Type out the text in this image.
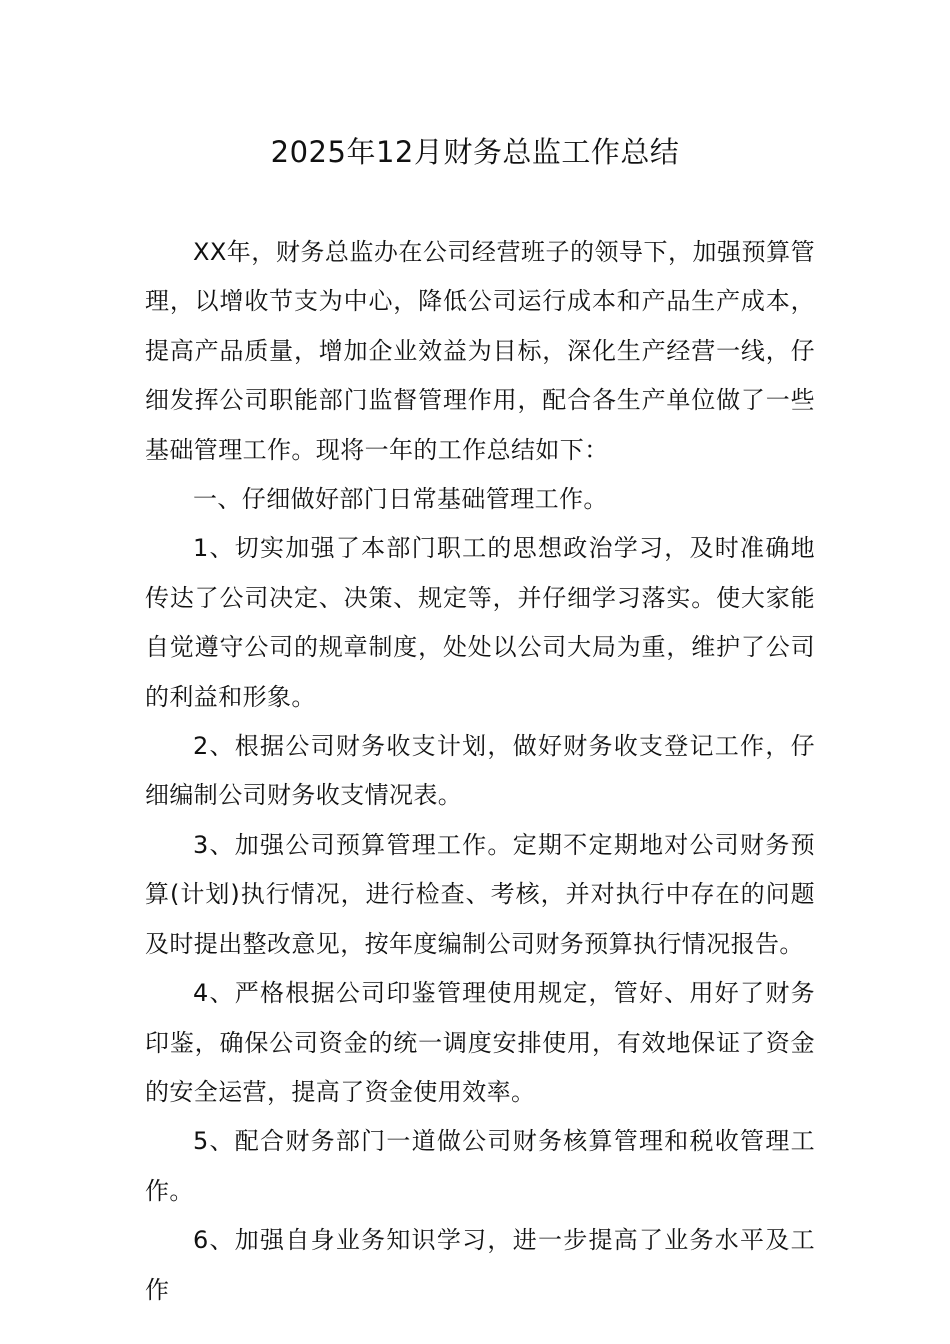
2025年12月财务总监工作总结

XX年，财务总监办在公司经营班子的领导下，加强预算管理，以增收节支为中心，降低公司运行成本和产品生产成本，提高产品质量，增加企业效益为目标，深化生产经营一线，仔细发挥公司职能部门监督管理作用，配合各生产单位做了一些基础管理工作。现将一年的工作总结如下：

一、仔细做好部门日常基础管理工作。

1、切实加强了本部门职工的思想政治学习，及时准确地传达了公司决定、决策、规定等，并仔细学习落实。使大家能自觉遵守公司的规章制度，处处以公司大局为重，维护了公司的利益和形象。

2、根据公司财务收支计划，做好财务收支登记工作，仔细编制公司财务收支情况表。

3、加强公司预算管理工作。定期不定期地对公司财务预算(计划)执行情况，进行检查、考核，并对执行中存在的问题及时提出整改意见，按年度编制公司财务预算执行情况报告。

4、严格根据公司印鉴管理使用规定，管好、用好了财务印鉴，确保公司资金的统一调度安排使用，有效地保证了资金的安全运营，提高了资金使用效率。

5、配合财务部门一道做公司财务核算管理和税收管理工作。

6、加强自身业务知识学习，进一步提高了业务水平及工作
